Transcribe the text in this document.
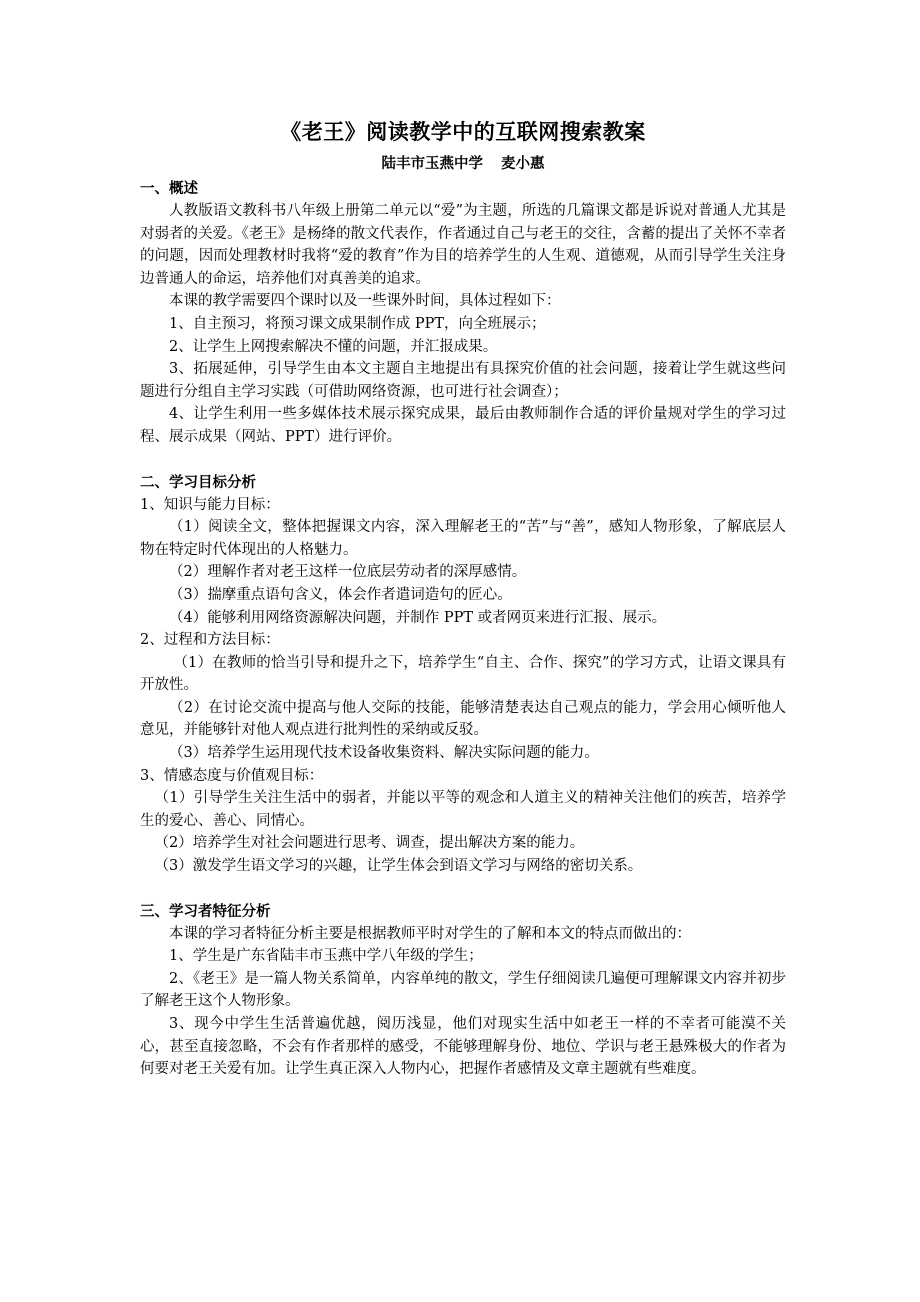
《老王》阅读教学中的互联网搜索教案
陆丰市玉燕中学 麦小惠
一、概述

人教版语文教科书八年级上册第二单元以“爱”为主题，所选的几篇课文都是诉说对普通人尤其是对弱者的关爱。《老王》是杨绛的散文代表作，作者通过自己与老王的交往，含蓄的提出了关怀不幸者的问题，因而处理教材时我将“爱的教育”作为目的培养学生的人生观、道德观，从而引导学生关注身边普通人的命运，培养他们对真善美的追求。

本课的教学需要四个课时以及一些课外时间，具体过程如下：

1、自主预习，将预习课文成果制作成 PPT，向全班展示；

2、让学生上网搜索解决不懂的问题，并汇报成果。

3、拓展延伸，引导学生由本文主题自主地提出有具探究价值的社会问题，接着让学生就这些问题进行分组自主学习实践（可借助网络资源，也可进行社会调查）；

4、让学生利用一些多媒体技术展示探究成果，最后由教师制作合适的评价量规对学生的学习过程、展示成果（网站、PPT）进行评价。

二、学习目标分析

1、知识与能力目标：

（1）阅读全文，整体把握课文内容，深入理解老王的“苦”与“善”，感知人物形象，了解底层人物在特定时代体现出的人格魅力。

（2）理解作者对老王这样一位底层劳动者的深厚感情。

（3）揣摩重点语句含义，体会作者遣词造句的匠心。

（4）能够利用网络资源解决问题，并制作 PPT 或者网页来进行汇报、展示。

2、过程和方法目标：

（1）在教师的恰当引导和提升之下，培养学生“自主、合作、探究”的学习方式，让语文课具有开放性。

（2）在讨论交流中提高与他人交际的技能，能够清楚表达自己观点的能力，学会用心倾听他人意见，并能够针对他人观点进行批判性的采纳或反驳。

（3）培养学生运用现代技术设备收集资料、解决实际问题的能力。

3、情感态度与价值观目标：

（1）引导学生关注生活中的弱者，并能以平等的观念和人道主义的精神关注他们的疾苦，培养学生的爱心、善心、同情心。

（2）培养学生对社会问题进行思考、调查，提出解决方案的能力。

（3）激发学生语文学习的兴趣，让学生体会到语文学习与网络的密切关系。

三、学习者特征分析

本课的学习者特征分析主要是根据教师平时对学生的了解和本文的特点而做出的：

1、学生是广东省陆丰市玉燕中学八年级的学生；

2、《老王》是一篇人物关系简单，内容单纯的散文，学生仔细阅读几遍便可理解课文内容并初步了解老王这个人物形象。

3、现今中学生生活普遍优越，阅历浅显，他们对现实生活中如老王一样的不幸者可能漠不关心，甚至直接忽略，不会有作者那样的感受，不能够理解身份、地位、学识与老王悬殊极大的作者为何要对老王关爱有加。让学生真正深入人物内心，把握作者感情及文章主题就有些难度。
